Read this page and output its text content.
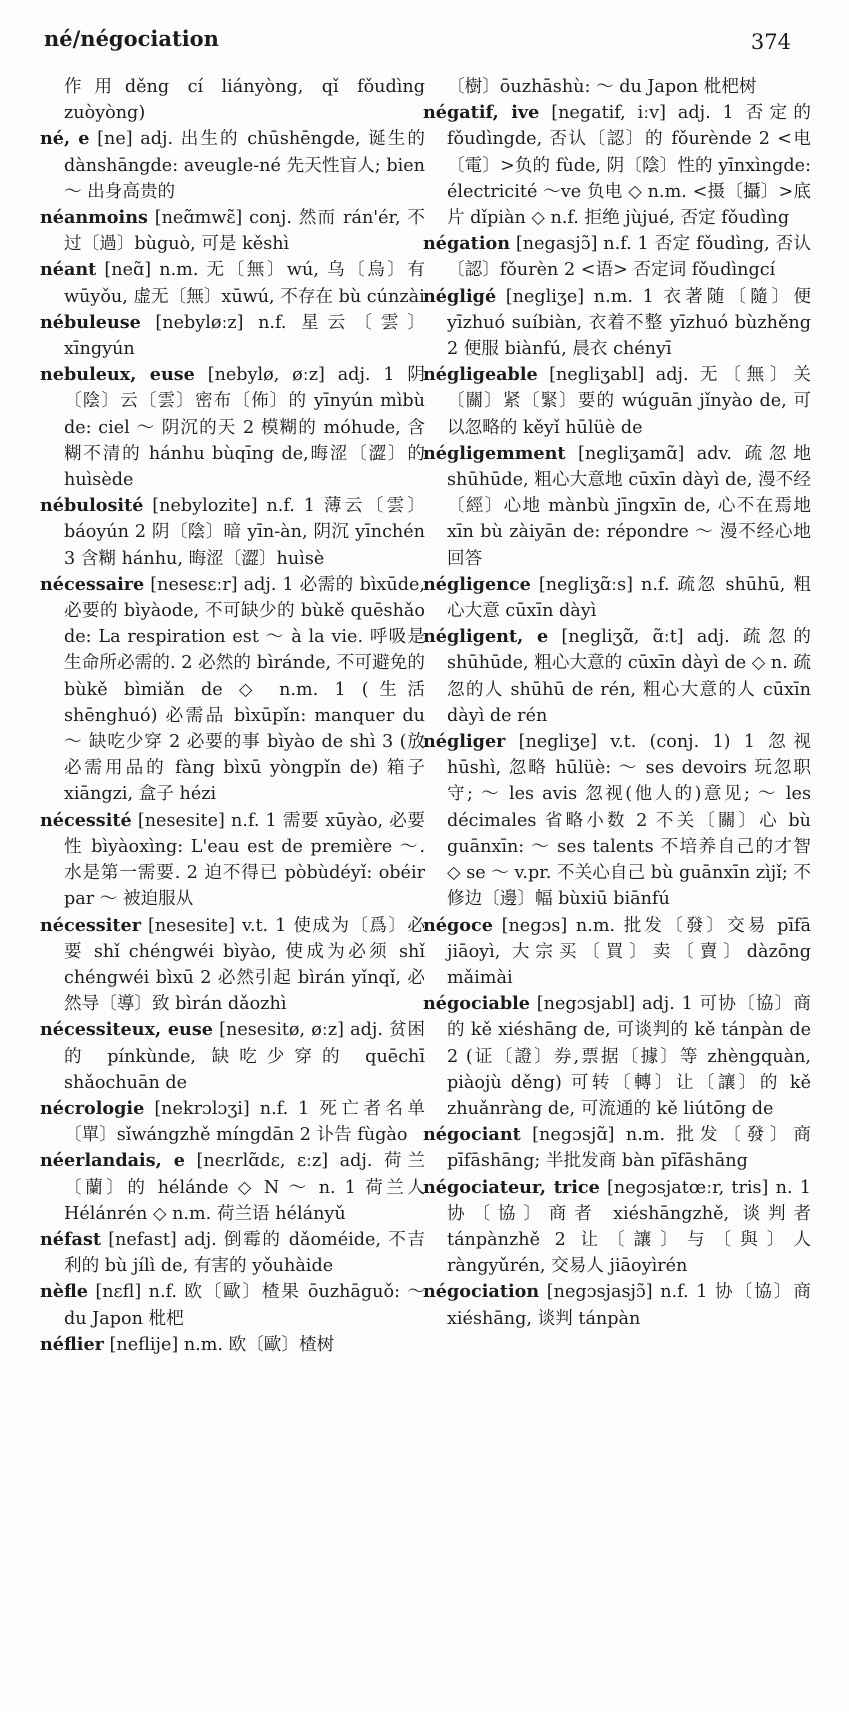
né/négociation	374

作用děng cí liányòng, qǐ fǒudìng zuòyòng)

né, e [ne] adj. 出生的 chūshēngde, 诞生的 dànshāngde: aveugle-né 先天性盲人; bien ～ 出身高贵的

néanmoins [neɑ̃mwɛ̃] conj. 然而 rán'ér, 不过〔過〕bùguò, 可是 kěshì

néant [neɑ̃] n.m. 无〔無〕wú, 乌〔烏〕有 wūyǒu, 虚无〔無〕xūwú, 不存在 bù cúnzài

nébuleuse [nebyløːz] n.f. 星云〔雲〕xīngyún

nebuleux, euse [nebylø, øːz] adj. 1 阴〔陰〕云〔雲〕密布〔佈〕的 yīnyún mìbù de: ciel ～ 阴沉的天 2 模糊的 móhude, 含糊不清的 hánhu bùqīng de,晦涩〔澀〕的 huìsède

nébulosité [nebylozite] n.f. 1 薄云〔雲〕báoyún 2 阴〔陰〕暗 yīn-àn, 阴沉 yīnchén 3 含糊 hánhu, 晦涩〔澀〕huìsè

nécessaire [nesesɛːr] adj. 1 必需的 bìxūde, 必要的 bìyàode, 不可缺少的 bùkě quēshǎo de: La respiration est ～ à la vie. 呼吸是生命所必需的. 2 必然的 bìránde, 不可避免的 bùkě bìmiǎn de ◇ n.m. 1 (生活 shēnghuó) 必需品 bìxūpǐn: manquer du ～ 缺吃少穿 2 必要的事 bìyào de shì 3 (放必需用品的 fàng bìxū yòngpǐn de) 箱子 xiāngzi, 盒子 hézi

nécessité [nesesite] n.f. 1 需要 xūyào, 必要性 bìyàoxìng: L'eau est de première ～. 水是第一需要. 2 迫不得已 pòbùdéyǐ: obéir par ～ 被迫服从

nécessiter [nesesite] v.t. 1 使成为〔爲〕必要 shǐ chéngwéi bìyào, 使成为必须 shǐ chéngwéi bìxū 2 必然引起 bìrán yǐnqǐ, 必然导〔導〕致 bìrán dǎozhì

nécessiteux, euse [nesesitø, øːz] adj. 贫困的 pínkùnde, 缺吃少穿的 quēchī shǎochuān de

nécrologie [nekrɔlɔʒi] n.f. 1 死亡者名单〔單〕sǐwángzhě míngdān 2 讣告 fùgào

néerlandais, e [neɛrlɑ̃dɛ, ɛːz] adj. 荷兰〔蘭〕的 hélánde ◇ N ～ n. 1 荷兰人 Hélánrén ◇ n.m. 荷兰语 hélányǔ

néfast [nefast] adj. 倒霉的 dǎoméide, 不吉利的 bù jílì de, 有害的 yǒuhàide

nèfle [nɛfl] n.f. 欧〔歐〕楂果 ōuzhāguǒ: ～ du Japon 枇杷

néflier [neflije] n.m. 欧〔歐〕楂树

〔樹〕ōuzhāshù: ～ du Japon 枇杷树

négatif, ive [negatif, iːv] adj. 1 否定的 fǒudìngde, 否认〔認〕的 fǒurènde 2 <电〔電〕>负的 fùde, 阴〔陰〕性的 yīnxìngde: électricité ～ve 负电 ◇ n.m. <摄〔攝〕>底片 dǐpiàn ◇ n.f. 拒绝 jùjué, 否定 fǒudìng

négation [negasjɔ̃] n.f. 1 否定 fǒudìng, 否认〔認〕fǒurèn 2 <语> 否定词 fǒudìngcí

négligé [negliʒe] n.m. 1 衣著随〔隨〕便 yīzhuó suíbiàn, 衣着不整 yīzhuó bùzhěng 2 便服 biànfú, 晨衣 chényī

négligeable [negliʒabl] adj. 无〔無〕关〔關〕紧〔緊〕要的 wúguān jǐnyào de, 可以忽略的 kěyǐ hūlüè de

négligemment [negliʒamɑ̃] adv. 疏忽地 shūhūde, 粗心大意地 cūxīn dàyì de, 漫不经〔經〕心地 mànbù jīngxīn de, 心不在焉地 xīn bù zàiyān de: répondre ～ 漫不经心地回答

négligence [negliʒɑ̃ːs] n.f. 疏忽 shūhū, 粗心大意 cūxīn dàyì

négligent, e [negliʒɑ̃, ɑ̃ːt] adj. 疏忽的 shūhūde, 粗心大意的 cūxīn dàyì de ◇ n. 疏忽的人 shūhū de rén, 粗心大意的人 cūxīn dàyì de rén

négliger [negliʒe] v.t. (conj. 1) 1 忽视 hūshì, 忽略 hūlüè: ～ ses devoirs 玩忽职守; ～ les avis 忽视(他人的)意见; ～ les décimales 省略小数 2 不关〔關〕心 bù guānxīn: ～ ses talents 不培养自己的才智 ◇ se ～ v.pr. 不关心自己 bù guānxīn zìjǐ; 不修边〔邊〕幅 bùxiū biānfú

négoce [negɔs] n.m. 批发〔發〕交易 pīfā jiāoyì, 大宗买〔買〕卖〔賣〕dàzōng mǎimài

négociable [negɔsjabl] adj. 1 可协〔協〕商的 kě xiéshāng de, 可谈判的 kě tánpàn de 2 (证〔證〕券,票据〔據〕等 zhèngquàn, piàojù děng) 可转〔轉〕让〔讓〕的 kě zhuǎnràng de, 可流通的 kě liútōng de

négociant [negɔsjɑ̃] n.m. 批发〔發〕商 pīfāshāng; 半批发商 bàn pīfāshāng

négociateur, trice [negɔsjatœːr, tris] n. 1 协〔協〕商者 xiéshāngzhě, 谈判者 tánpànzhě 2 让〔讓〕与〔與〕人 ràngyǔrén, 交易人 jiāoyìrén

négociation [negɔsjasjɔ̃] n.f. 1 协〔協〕商 xiéshāng, 谈判 tánpàn
